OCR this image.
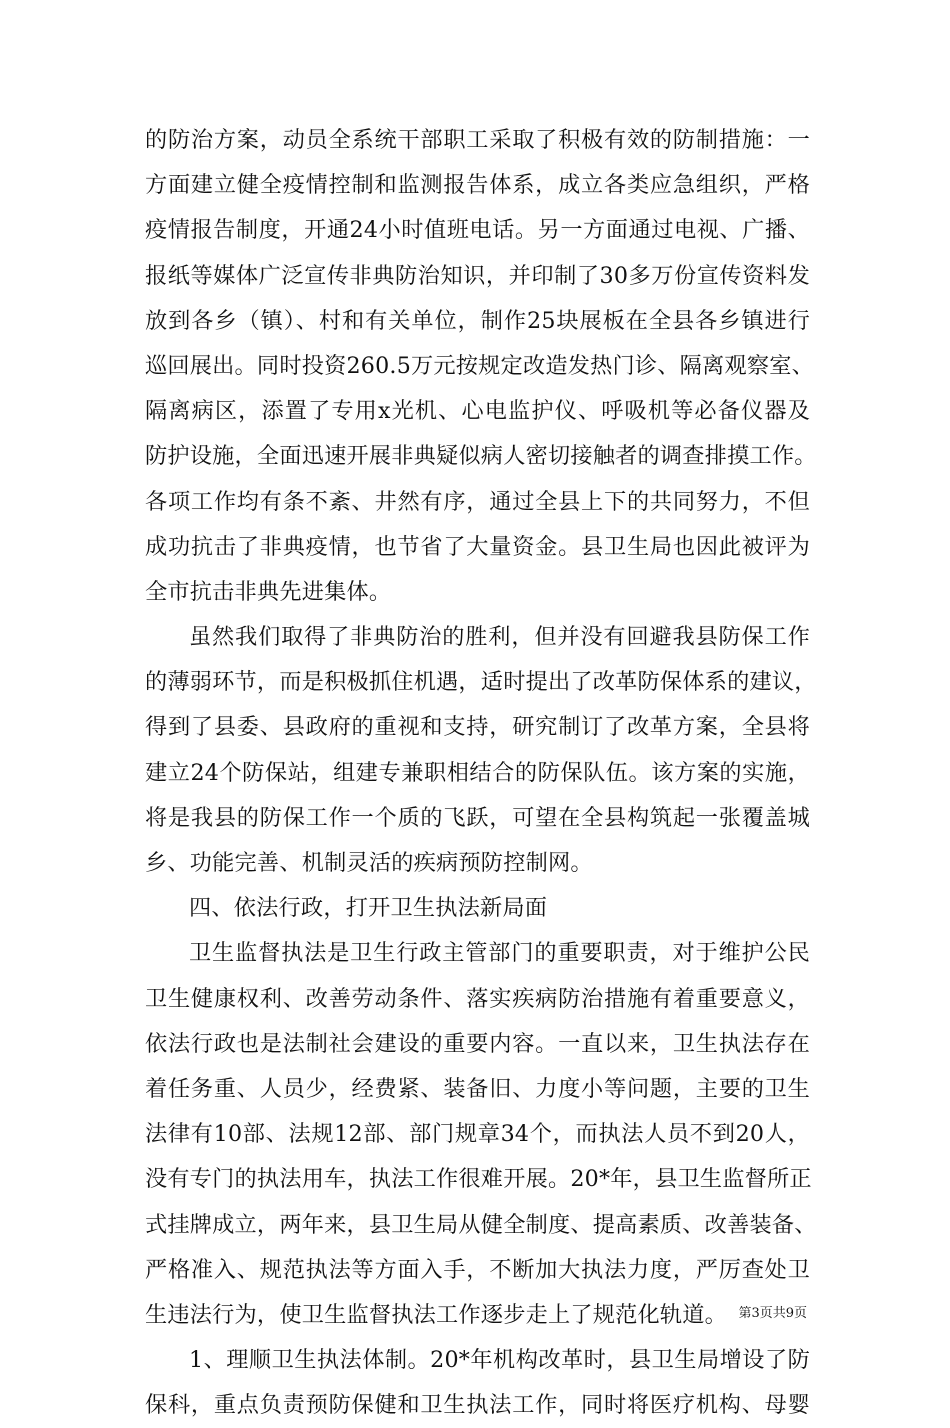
的防治方案，动员全系统干部职工采取了积极有效的防制措施：一
方面建立健全疫情控制和监测报告体系，成立各类应急组织，严格
疫情报告制度，开通24小时值班电话。另一方面通过电视、广播、
报纸等媒体广泛宣传非典防治知识，并印制了30多万份宣传资料发
放到各乡（镇）、村和有关单位，制作25块展板在全县各乡镇进行
巡回展出。同时投资260.5万元按规定改造发热门诊、隔离观察室、
隔离病区，添置了专用x光机、心电监护仪、呼吸机等必备仪器及
防护设施，全面迅速开展非典疑似病人密切接触者的调查排摸工作。
各项工作均有条不紊、井然有序，通过全县上下的共同努力，不但
成功抗击了非典疫情，也节省了大量资金。县卫生局也因此被评为
全市抗击非典先进集体。
虽然我们取得了非典防治的胜利，但并没有回避我县防保工作
的薄弱环节，而是积极抓住机遇，适时提出了改革防保体系的建议，
得到了县委、县政府的重视和支持，研究制订了改革方案，全县将
建立24个防保站，组建专兼职相结合的防保队伍。该方案的实施，
将是我县的防保工作一个质的飞跃，可望在全县构筑起一张覆盖城
乡、功能完善、机制灵活的疾病预防控制网。
四、依法行政，打开卫生执法新局面
卫生监督执法是卫生行政主管部门的重要职责，对于维护公民
卫生健康权利、改善劳动条件、落实疾病防治措施有着重要意义，
依法行政也是法制社会建设的重要内容。一直以来，卫生执法存在
着任务重、人员少，经费紧、装备旧、力度小等问题，主要的卫生
法律有10部、法规12部、部门规章34个，而执法人员不到20人，
没有专门的执法用车，执法工作很难开展。20*年，县卫生监督所正
式挂牌成立，两年来，县卫生局从健全制度、提高素质、改善装备、
严格准入、规范执法等方面入手，不断加大执法力度，严厉查处卫
生违法行为，使卫生监督执法工作逐步走上了规范化轨道。
1、理顺卫生执法体制。20*年机构改革时，县卫生局增设了防
保科，重点负责预防保健和卫生执法工作，同时将医疗机构、母婴
第3页共9页
